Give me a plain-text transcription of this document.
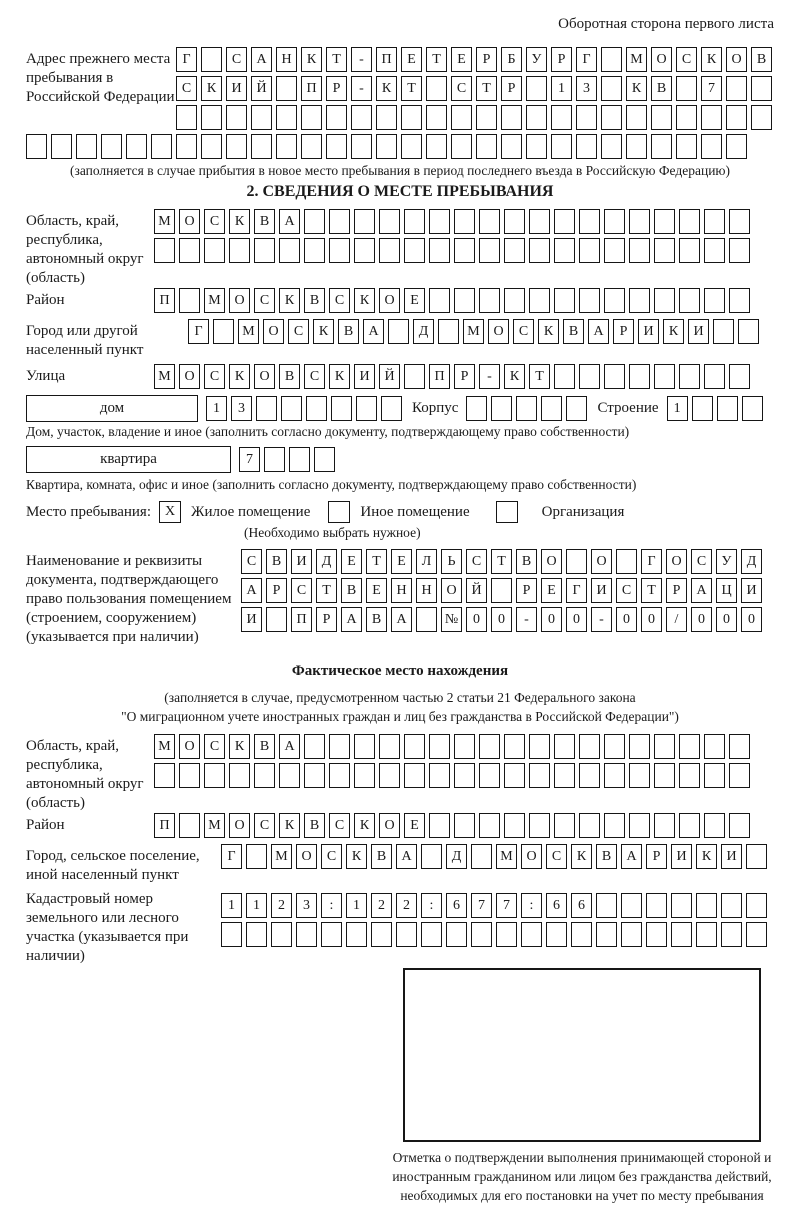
Оборотная сторона первого листа
Адрес прежнего места пребывания в Российской Федерации
Г	С	А	Н	К	Т	-	П	Е	Т	Е	Р	Б	У	Р	Г	М О	С	К	О	В
С	К	И	Й	П	Р	-	К	Т	С	Т	Р	1	3	К	В	7
(заполняется в случае прибытия в новое место пребывания в период последнего въезда в Российскую Федерацию)
2. СВЕДЕНИЯ О МЕСТЕ ПРЕБЫВАНИЯ
Область, край, республика, автономный округ (область)
М О	С	К	В	А
Район	П	М О	С	К	В	С	К	О	Е
Город или другой населенный пункт
Г	М О	С	К	В	А	Д	М О	С	К	В	А	Р	И	К	И
Улица	М О	С	К	О	В	С	К	И	Й	П	Р	-	К	Т
дом	1	3	Корпус	Строение	1
Дом, участок, владение и иное (заполнить согласно документу, подтверждающему право собственности)
квартира	7
Квартира, комната, офис и иное (заполнить согласно документу, подтверждающему право собственности)
Место пребывания: X	Жилое помещение	Иное помещение	Организация
(Необходимо выбрать нужное)
Наименование и реквизиты документа, подтверждающего право пользования помещением (строением, сооружением) (указывается при наличии)
С	В	И	Д	Е	Т	Е	Л	Ь	С	Т	В	О	О	Г	О	С	У	Д
А	Р	С	Т	В	Е	Н	Н	О	Й	Р	Е	Г	И	С	Т	Р	А	Ц	И
И	П	Р	А	В	А	№	0	0	-	0	0	-	0	0	/	0	0	0
Фактическое место нахождения
(заполняется в случае, предусмотренном частью 2 статьи 21 Федерального закона
"О миграционном учете иностранных граждан и лиц без гражданства в Российской Федерации")
Область, край, республика, автономный округ (область)
М О	С	К	В	А
Район	П	М О	С	К	В	С	К	О	Е
Город, сельское поселение, иной населенный пункт
Г	М О	С	К	В	А	Д	М О	С	К	В	А	Р	И	К	И
Кадастровый номер земельного или лесного участка (указывается при наличии)
1	1	2	3	:	1	2	2	:	6	7	7	:	6	6
Отметка о подтверждении выполнения принимающей стороной и иностранным гражданином или лицом без гражданства действий, необходимых для его постановки на учет по месту пребывания
